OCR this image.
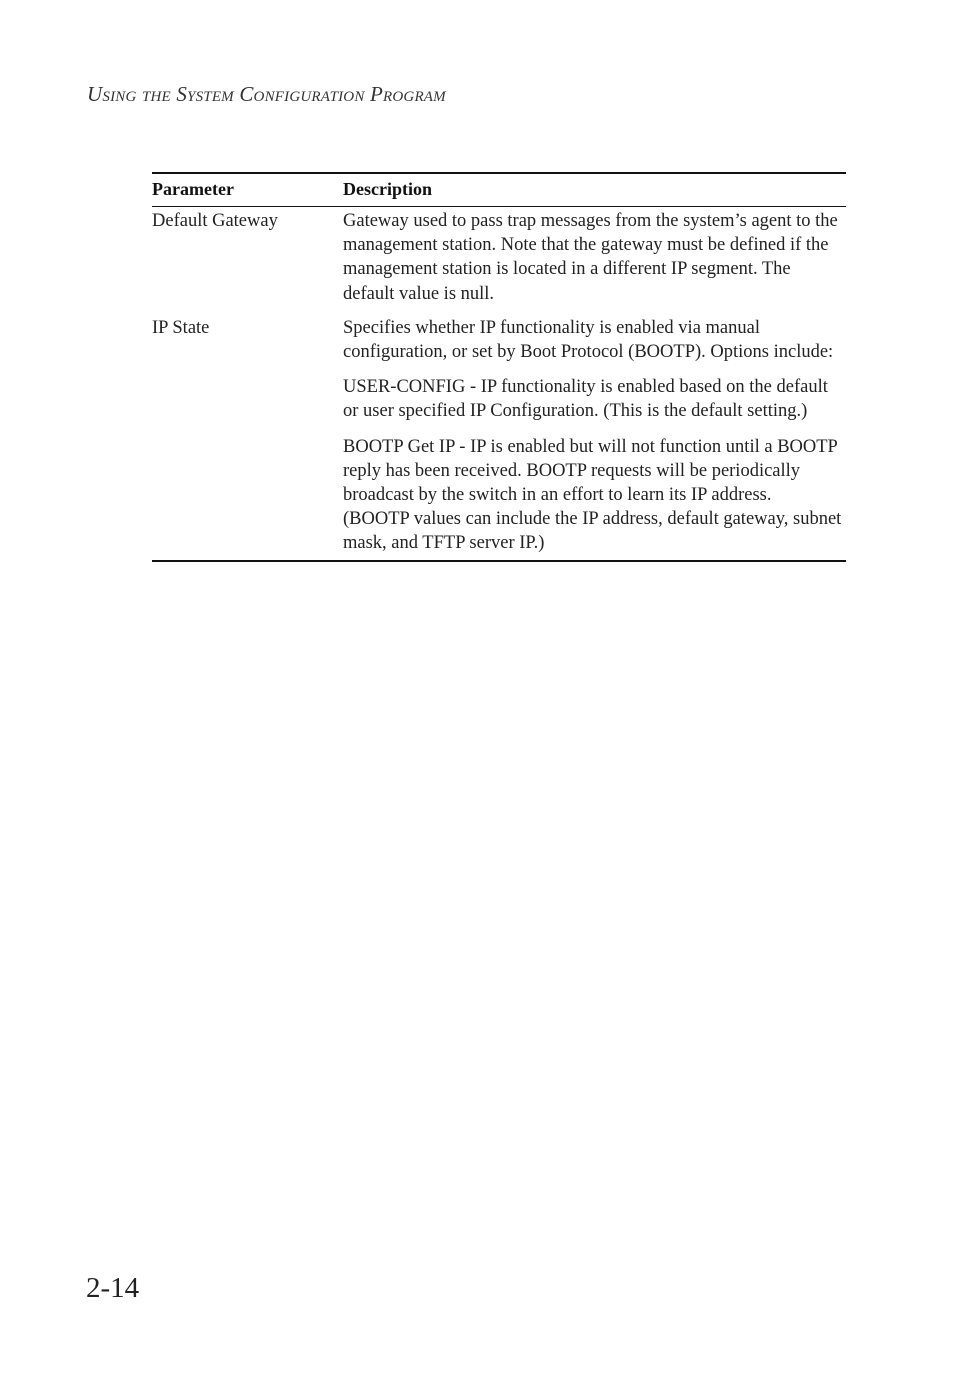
Using the System Configuration Program
Parameter	Description
Default Gateway	Gateway used to pass trap messages from the system’s agent to the management station. Note that the gateway must be defined if the management station is located in a different IP segment. The default value is null.

IP State	Specifies whether IP functionality is enabled via manual configuration, or set by Boot Protocol (BOOTP). Options include:

USER-CONFIG - IP functionality is enabled based on the default or user specified IP Configuration. (This is the default setting.)

BOOTP Get IP - IP is enabled but will not function until a BOOTP reply has been received. BOOTP requests will be periodically broadcast by the switch in an effort to learn its IP address. (BOOTP values can include the IP address, default gateway, subnet mask, and TFTP server IP.)

2-14
